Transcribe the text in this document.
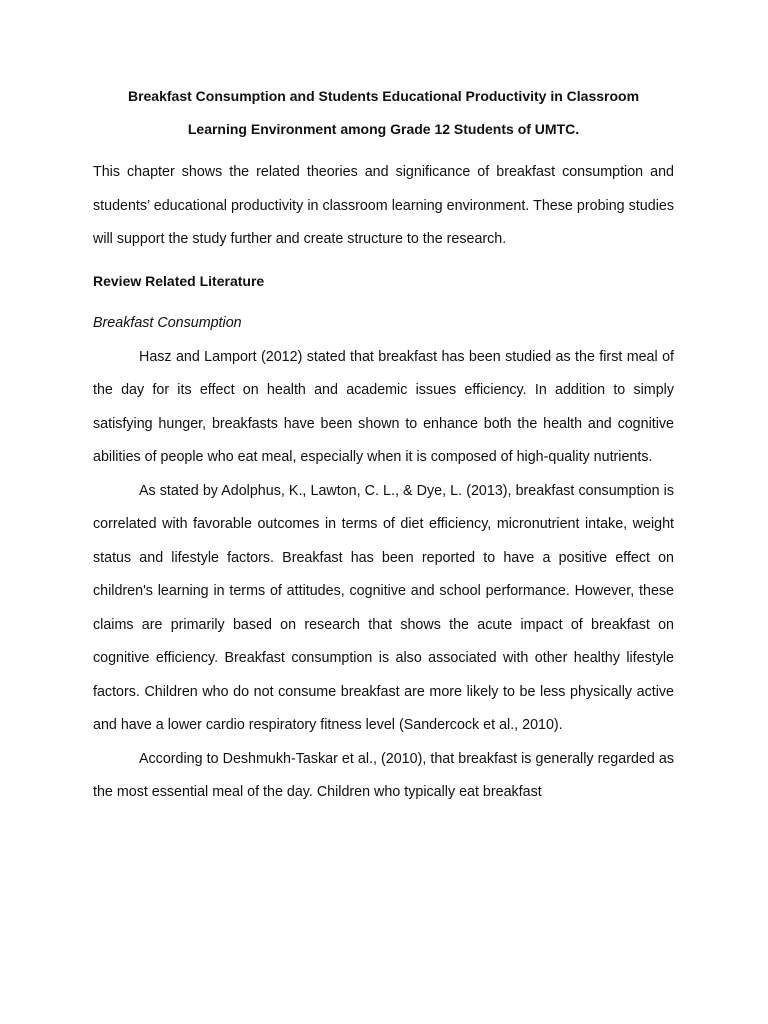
Breakfast Consumption and Students Educational Productivity in Classroom
Learning Environment among Grade 12 Students of UMTC.

This chapter shows the related theories and significance of breakfast consumption and students’ educational productivity in classroom learning environment. These probing studies will support the study further and create structure to the research.

Review Related Literature
Breakfast Consumption

Hasz and Lamport (2012) stated that breakfast has been studied as the first meal of the day for its effect on health and academic issues efficiency. In addition to simply satisfying hunger, breakfasts have been shown to enhance both the health and cognitive abilities of people who eat meal, especially when it is composed of high-quality nutrients.

As stated by Adolphus, K., Lawton, C. L., & Dye, L. (2013), breakfast consumption is correlated with favorable outcomes in terms of diet efficiency, micronutrient intake, weight status and lifestyle factors. Breakfast has been reported to have a positive effect on children's learning in terms of attitudes, cognitive and school performance. However, these claims are primarily based on research that shows the acute impact of breakfast on cognitive efficiency. Breakfast consumption is also associated with other healthy lifestyle factors. Children who do not consume breakfast are more likely to be less physically active and have a lower cardio respiratory fitness level (Sandercock et al., 2010).

According to Deshmukh-Taskar et al., (2010), that breakfast is generally regarded as the most essential meal of the day. Children who typically eat breakfast
